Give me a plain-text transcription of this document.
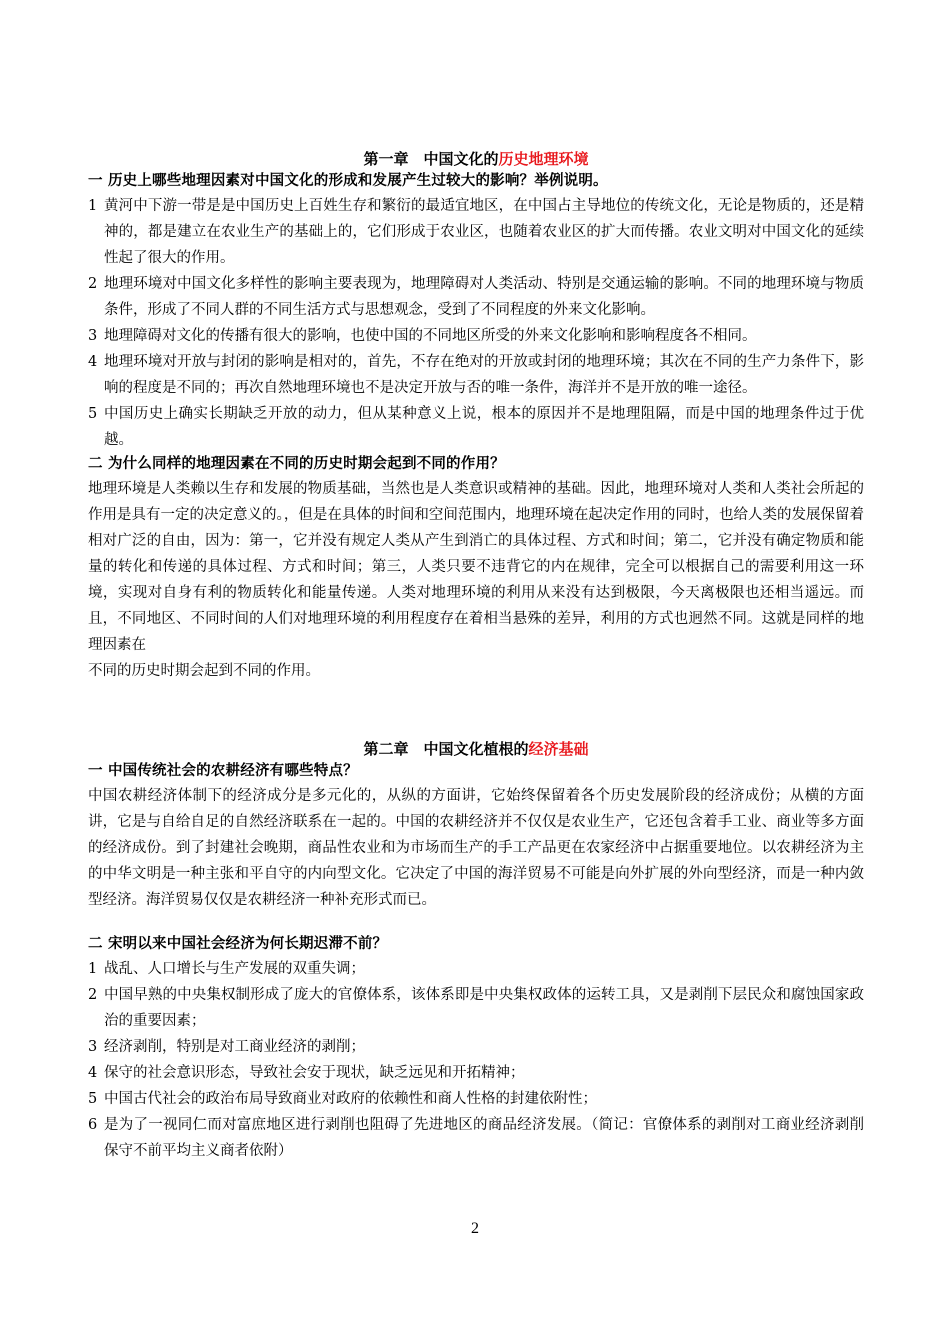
第一章　中国文化的历史地理环境

一 历史上哪些地理因素对中国文化的形成和发展产生过较大的影响？举例说明。

1 黄河中下游一带是是中国历史上百姓生存和繁衍的最适宜地区，在中国占主导地位的传统文化，无论是物质的，还是精神的，都是建立在农业生产的基础上的，它们形成于农业区，也随着农业区的扩大而传播。农业文明对中国文化的延续性起了很大的作用。

2 地理环境对中国文化多样性的影响主要表现为，地理障碍对人类活动、特别是交通运输的影响。不同的地理环境与物质条件，形成了不同人群的不同生活方式与思想观念，受到了不同程度的外来文化影响。

3 地理障碍对文化的传播有很大的影响，也使中国的不同地区所受的外来文化影响和影响程度各不相同。

4 地理环境对开放与封闭的影响是相对的，首先，不存在绝对的开放或封闭的地理环境；其次在不同的生产力条件下，影响的程度是不同的；再次自然地理环境也不是决定开放与否的唯一条件，海洋并不是开放的唯一途径。

5 中国历史上确实长期缺乏开放的动力，但从某种意义上说，根本的原因并不是地理阻隔，而是中国的地理条件过于优越。

二 为什么同样的地理因素在不同的历史时期会起到不同的作用？

地理环境是人类赖以生存和发展的物质基础，当然也是人类意识或精神的基础。因此，地理环境对人类和人类社会所起的作用是具有一定的决定意义的。，但是在具体的时间和空间范围内，地理环境在起决定作用的同时，也给人类的发展保留着相对广泛的自由，因为：第一，它并没有规定人类从产生到消亡的具体过程、方式和时间；第二，它并没有确定物质和能量的转化和传递的具体过程、方式和时间；第三，人类只要不违背它的内在规律，完全可以根据自己的需要利用这一环境，实现对自身有利的物质转化和能量传递。人类对地理环境的利用从来没有达到极限，今天离极限也还相当遥远。而且，不同地区、不同时间的人们对地理环境的利用程度存在着相当悬殊的差异，利用的方式也迥然不同。这就是同样的地理因素在

不同的历史时期会起到不同的作用。

第二章　中国文化植根的经济基础

一 中国传统社会的农耕经济有哪些特点？

中国农耕经济体制下的经济成分是多元化的，从纵的方面讲，它始终保留着各个历史发展阶段的经济成份；从横的方面讲，它是与自给自足的自然经济联系在一起的。中国的农耕经济并不仅仅是农业生产，它还包含着手工业、商业等多方面的经济成份。到了封建社会晚期，商品性农业和为市场而生产的手工产品更在农家经济中占据重要地位。以农耕经济为主的中华文明是一种主张和平自守的内向型文化。它决定了中国的海洋贸易不可能是向外扩展的外向型经济，而是一种内敛型经济。海洋贸易仅仅是农耕经济一种补充形式而已。

二 宋明以来中国社会经济为何长期迟滞不前？

1 战乱、人口增长与生产发展的双重失调；

2 中国早熟的中央集权制形成了庞大的官僚体系，该体系即是中央集权政体的运转工具，又是剥削下层民众和腐蚀国家政治的重要因素；

3 经济剥削，特别是对工商业经济的剥削；

4 保守的社会意识形态，导致社会安于现状，缺乏远见和开拓精神；

5 中国古代社会的政治布局导致商业对政府的依赖性和商人性格的封建依附性；

6 是为了一视同仁而对富庶地区进行剥削也阻碍了先进地区的商品经济发展。（简记：官僚体系的剥削对工商业经济剥削保守不前平均主义商者依附）

2
